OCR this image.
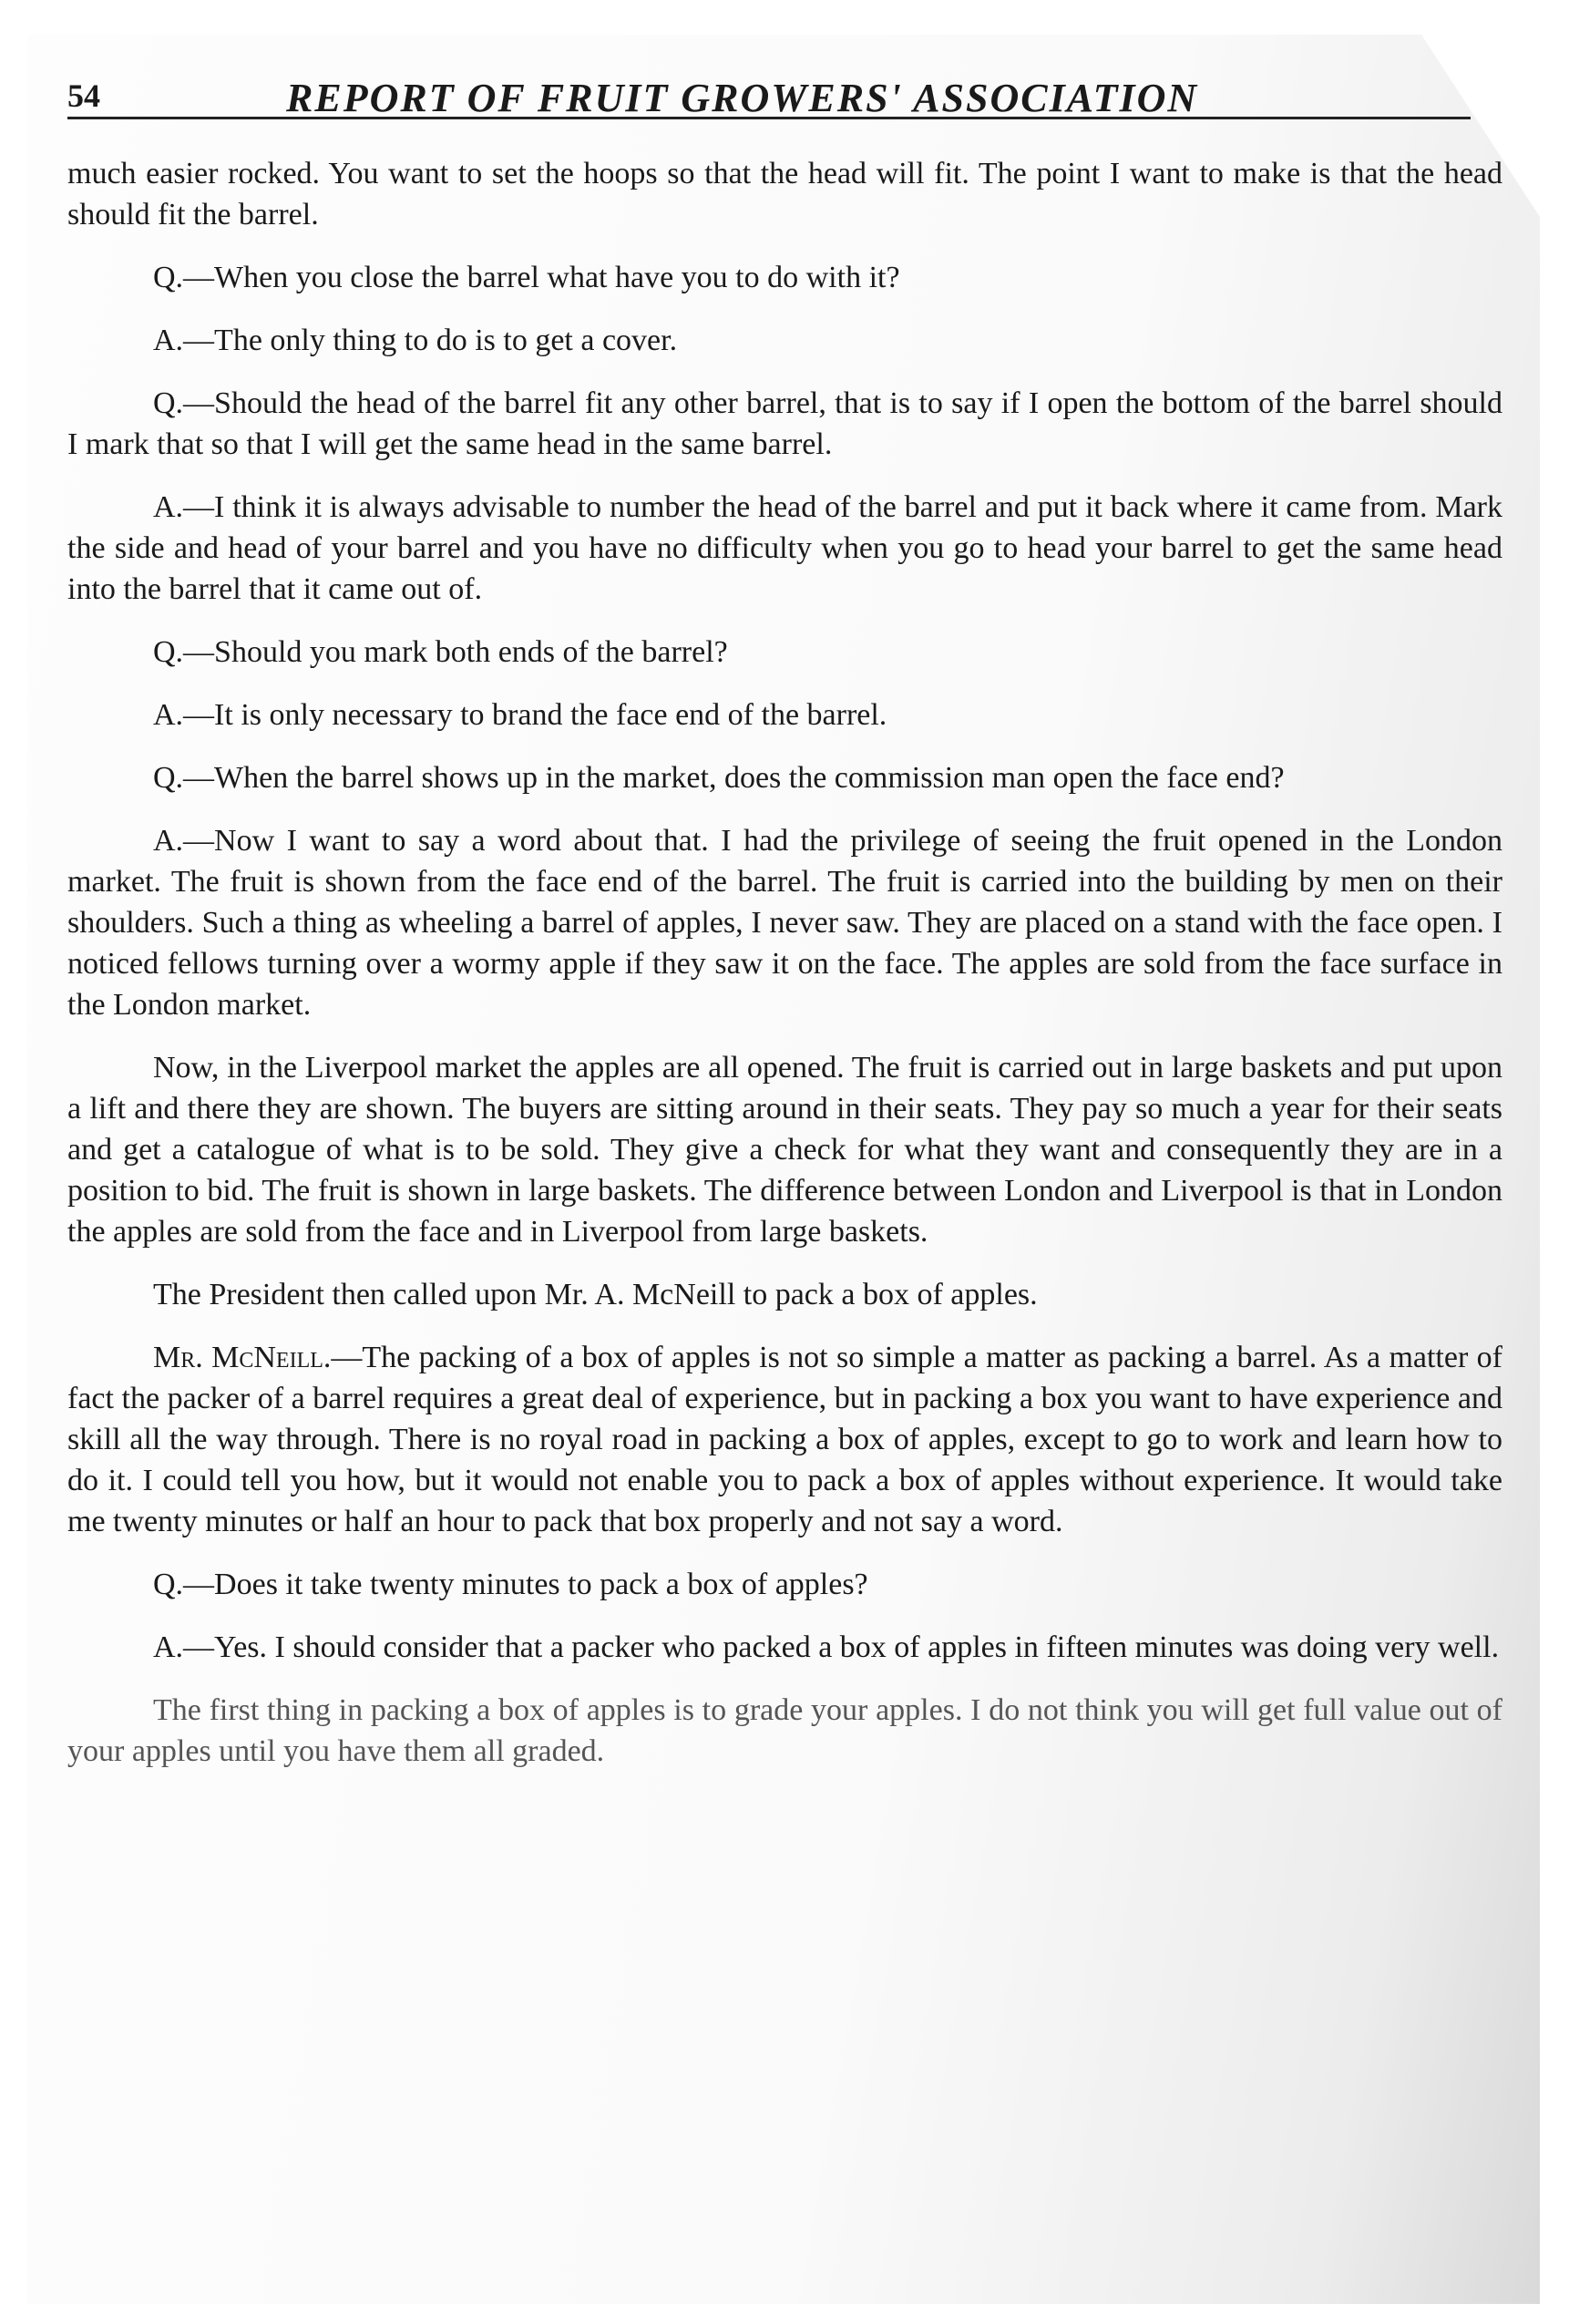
54	REPORT OF FRUIT GROWERS' ASSOCIATION

much easier rocked. You want to set the hoops so that the head will fit. The point I want to make is that the head should fit the barrel.

Q.—When you close the barrel what have you to do with it?

A.—The only thing to do is to get a cover.

Q.—Should the head of the barrel fit any other barrel, that is to say if I open the bottom of the barrel should I mark that so that I will get the same head in the same barrel.

A.—I think it is always advisable to number the head of the barrel and put it back where it came from. Mark the side and head of your barrel and you have no difficulty when you go to head your barrel to get the same head into the barrel that it came out of.

Q.—Should you mark both ends of the barrel?

A.—It is only necessary to brand the face end of the barrel.

Q.—When the barrel shows up in the market, does the commission man open the face end?

A.—Now I want to say a word about that. I had the privilege of seeing the fruit opened in the London market. The fruit is shown from the face end of the barrel. The fruit is carried into the building by men on their shoulders. Such a thing as wheeling a barrel of apples, I never saw. They are placed on a stand with the face open. I noticed fellows turning over a wormy apple if they saw it on the face. The apples are sold from the face surface in the London market.

Now, in the Liverpool market the apples are all opened. The fruit is carried out in large baskets and put upon a lift and there they are shown. The buyers are sitting around in their seats. They pay so much a year for their seats and get a catalogue of what is to be sold. They give a check for what they want and consequently they are in a position to bid. The fruit is shown in large baskets. The difference between London and Liverpool is that in London the apples are sold from the face and in Liverpool from large baskets.

The President then called upon Mr. A. McNeill to pack a box of apples.

Mr. McNeill.—The packing of a box of apples is not so simple a matter as packing a barrel. As a matter of fact the packer of a barrel requires a great deal of experience, but in packing a box you want to have experience and skill all the way through. There is no royal road in packing a box of apples, except to go to work and learn how to do it. I could tell you how, but it would not enable you to pack a box of apples without experience. It would take me twenty minutes or half an hour to pack that box properly and not say a word.

Q.—Does it take twenty minutes to pack a box of apples?

A.—Yes. I should consider that a packer who packed a box of apples in fifteen minutes was doing very well.

The first thing in packing a box of apples is to grade your apples. I do not think you will get full value out of your apples until you have them all graded.
